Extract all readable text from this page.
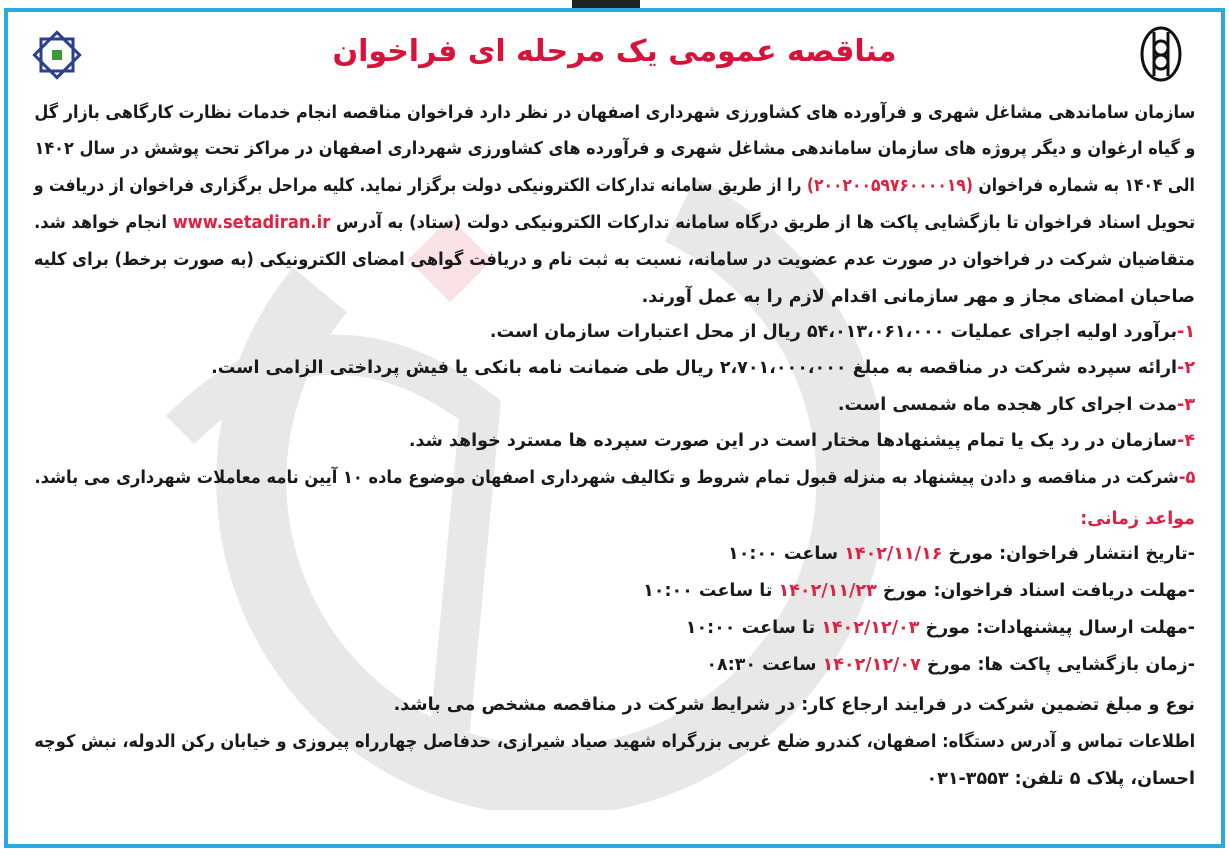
مناقصه عمومی یک مرحله ای فراخوان
سازمان ساماندهی مشاغل شهری و فرآورده های کشاورزی شهرداری اصفهان در نظر دارد فراخوان مناقصه انجام خدمات نظارت کارگاهی بازار گل
و گیاه ارغوان و دیگر پروژه های سازمان ساماندهی مشاغل شهری و فرآورده های کشاورزی شهرداری اصفهان در مراکز تحت پوشش در سال ۱۴۰۲
الی ۱۴۰۴ به شماره فراخوان (۲۰۰۲۰۰۵۹۷۶۰۰۰۰۱۹) را از طریق سامانه تدارکات الکترونیکی دولت برگزار نماید. کلیه مراحل برگزاری فراخوان از دریافت و
تحویل اسناد فراخوان تا بازگشایی پاکت ها از طریق درگاه سامانه تدارکات الکترونیکی دولت (ستاد) به آدرس www.setadiran.ir انجام خواهد شد.
متقاضیان شرکت در فراخوان در صورت عدم عضویت در سامانه، نسبت به ثبت نام و دریافت گواهی امضای الکترونیکی (به صورت برخط) برای کلیه
صاحبان امضای مجاز و مهر سازمانی اقدام لازم را به عمل آورند.
۱-برآورد اولیه اجرای عملیات ۵۴،۰۱۳،۰۶۱،۰۰۰ ریال از محل اعتبارات سازمان است.
۲-ارائه سپرده شرکت در مناقصه به مبلغ ۲،۷۰۱،۰۰۰،۰۰۰ ریال طی ضمانت نامه بانکی یا فیش پرداختی الزامی است.
۳-مدت اجرای کار هجده ماه شمسی است.
۴-سازمان در رد یک یا تمام پیشنهادها مختار است در این صورت سپرده ها مسترد خواهد شد.
۵-شرکت در مناقصه و دادن پیشنهاد به منزله قبول تمام شروط و تکالیف شهرداری اصفهان موضوع ماده ۱۰ آیین نامه معاملات شهرداری می باشد.
مواعد زمانی:
-تاریخ انتشار فراخوان: مورخ ۱۴۰۲/۱۱/۱۶ ساعت ۱۰:۰۰
-مهلت دریافت اسناد فراخوان: مورخ ۱۴۰۲/۱۱/۲۳ تا ساعت ۱۰:۰۰
-مهلت ارسال پیشنهادات: مورخ ۱۴۰۲/۱۲/۰۳ تا ساعت ۱۰:۰۰
-زمان بازگشایی پاکت ها: مورخ ۱۴۰۲/۱۲/۰۷ ساعت ۰۸:۳۰
نوع و مبلغ تضمین شرکت در فرایند ارجاع کار: در شرایط شرکت در مناقصه مشخص می باشد.
اطلاعات تماس و آدرس دستگاه: اصفهان، کندرو ضلع غربی بزرگراه شهید صیاد شیرازی، حدفاصل چهارراه پیروزی و خیابان رکن الدوله، نبش کوچه
احسان، پلاک ۵ تلفن: ۳۵۵۳-۰۳۱
